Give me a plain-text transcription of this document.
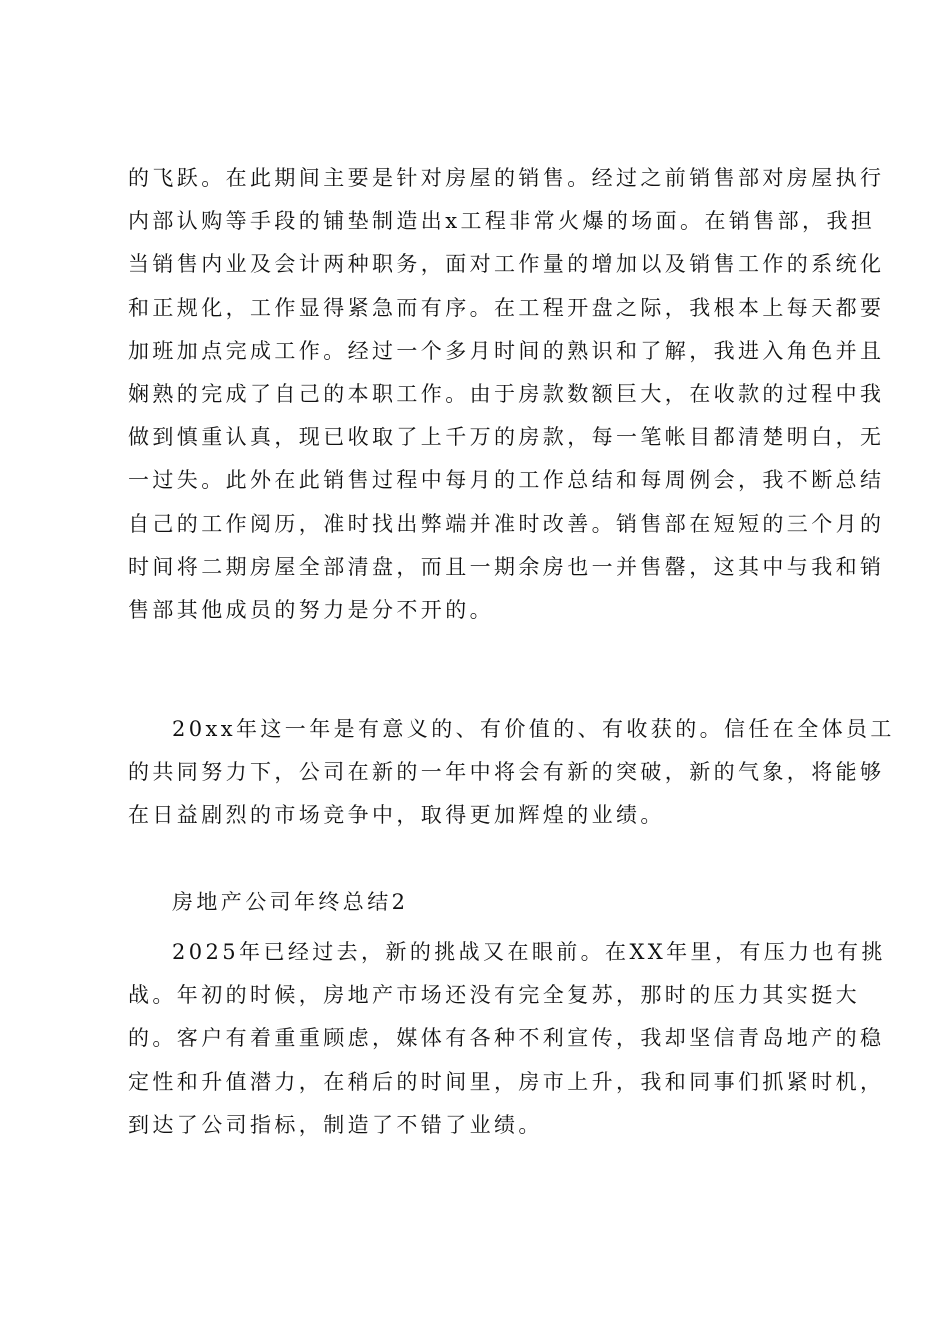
的飞跃。在此期间主要是针对房屋的销售。经过之前销售部对房屋执行
内部认购等手段的铺垫制造出x工程非常火爆的场面。在销售部，我担
当销售内业及会计两种职务，面对工作量的增加以及销售工作的系统化
和正规化，工作显得紧急而有序。在工程开盘之际，我根本上每天都要
加班加点完成工作。经过一个多月时间的熟识和了解，我进入角色并且
娴熟的完成了自己的本职工作。由于房款数额巨大，在收款的过程中我
做到慎重认真，现已收取了上千万的房款，每一笔帐目都清楚明白，无
一过失。此外在此销售过程中每月的工作总结和每周例会，我不断总结
自己的工作阅历，准时找出弊端并准时改善。销售部在短短的三个月的
时间将二期房屋全部清盘，而且一期余房也一并售罄，这其中与我和销
售部其他成员的努力是分不开的。
20xx年这一年是有意义的、有价值的、有收获的。信任在全体员工
的共同努力下，公司在新的一年中将会有新的突破，新的气象，将能够
在日益剧烈的市场竞争中，取得更加辉煌的业绩。
房地产公司年终总结2
2025年已经过去，新的挑战又在眼前。在XX年里，有压力也有挑
战。年初的时候，房地产市场还没有完全复苏，那时的压力其实挺大
的。客户有着重重顾虑，媒体有各种不利宣传，我却坚信青岛地产的稳
定性和升值潜力，在稍后的时间里，房市上升，我和同事们抓紧时机，
到达了公司指标，制造了不错了业绩。
